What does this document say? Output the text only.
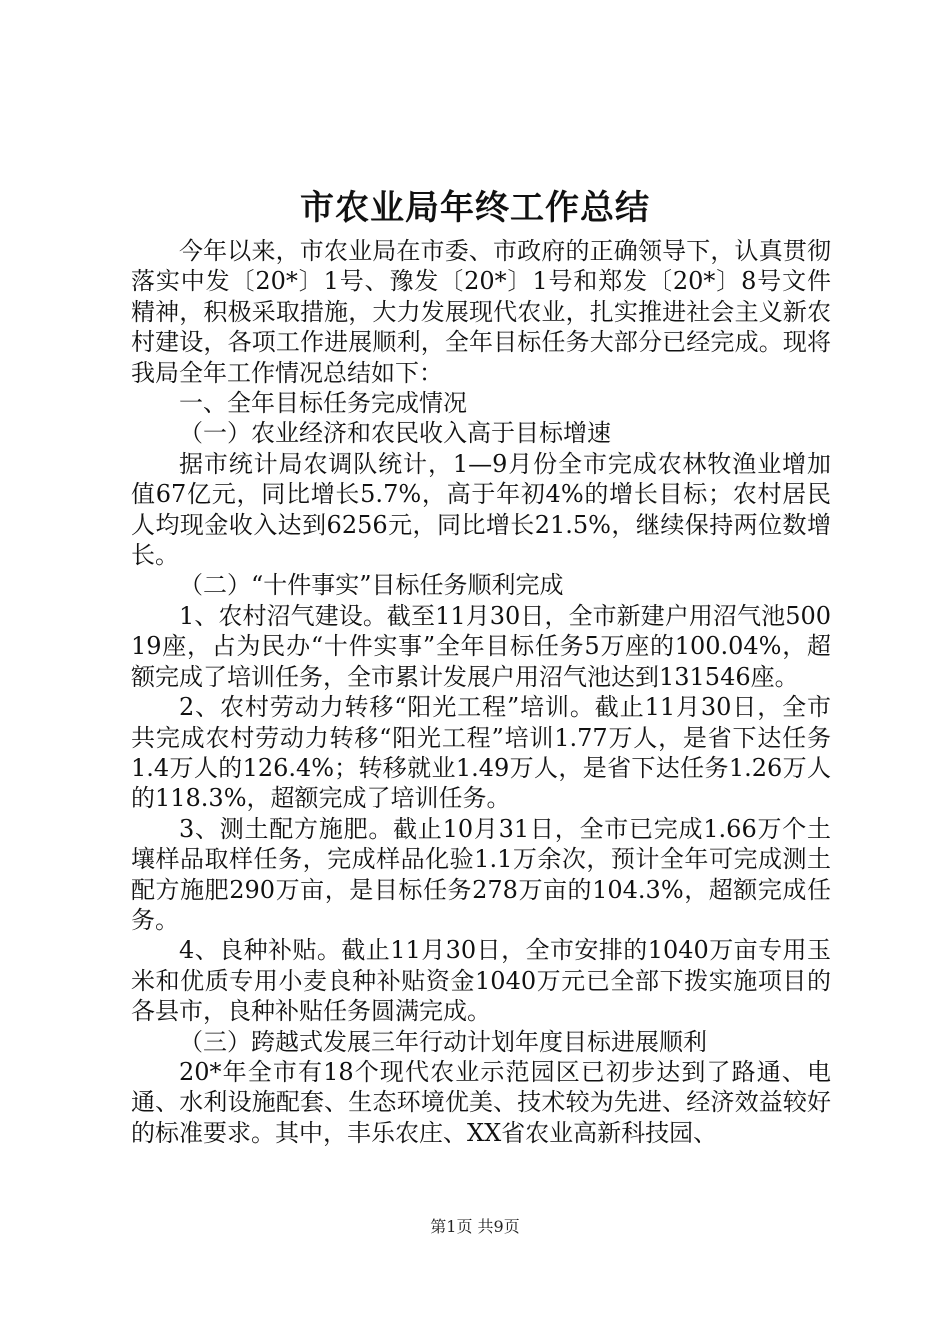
市农业局年终工作总结

今年以来，市农业局在市委、市政府的正确领导下，认真贯彻落实中发〔20*〕1号、豫发〔20*〕1号和郑发〔20*〕8号文件精神，积极采取措施，大力发展现代农业，扎实推进社会主义新农村建设，各项工作进展顺利，全年目标任务大部分已经完成。现将我局全年工作情况总结如下：

一、全年目标任务完成情况

（一）农业经济和农民收入高于目标增速

据市统计局农调队统计，1—9月份全市完成农林牧渔业增加值67亿元，同比增长5.7%，高于年初4%的增长目标；农村居民人均现金收入达到6256元，同比增长21.5%，继续保持两位数增长。

（二）“十件事实”目标任务顺利完成

1、农村沼气建设。截至11月30日，全市新建户用沼气池50019座，占为民办“十件实事”全年目标任务5万座的100.04%，超额完成了培训任务，全市累计发展户用沼气池达到131546座。

2、农村劳动力转移“阳光工程”培训。截止11月30日，全市共完成农村劳动力转移“阳光工程”培训1.77万人，是省下达任务1.4万人的126.4%；转移就业1.49万人，是省下达任务1.26万人的118.3%，超额完成了培训任务。

3、测土配方施肥。截止10月31日，全市已完成1.66万个土壤样品取样任务，完成样品化验1.1万余次，预计全年可完成测土配方施肥290万亩，是目标任务278万亩的104.3%，超额完成任务。

4、良种补贴。截止11月30日，全市安排的1040万亩专用玉米和优质专用小麦良种补贴资金1040万元已全部下拨实施项目的各县市，良种补贴任务圆满完成。

（三）跨越式发展三年行动计划年度目标进展顺利

20*年全市有18个现代农业示范园区已初步达到了路通、电通、水利设施配套、生态环境优美、技术较为先进、经济效益较好的标准要求。其中，丰乐农庄、XX省农业高新科技园、

第1页 共9页
